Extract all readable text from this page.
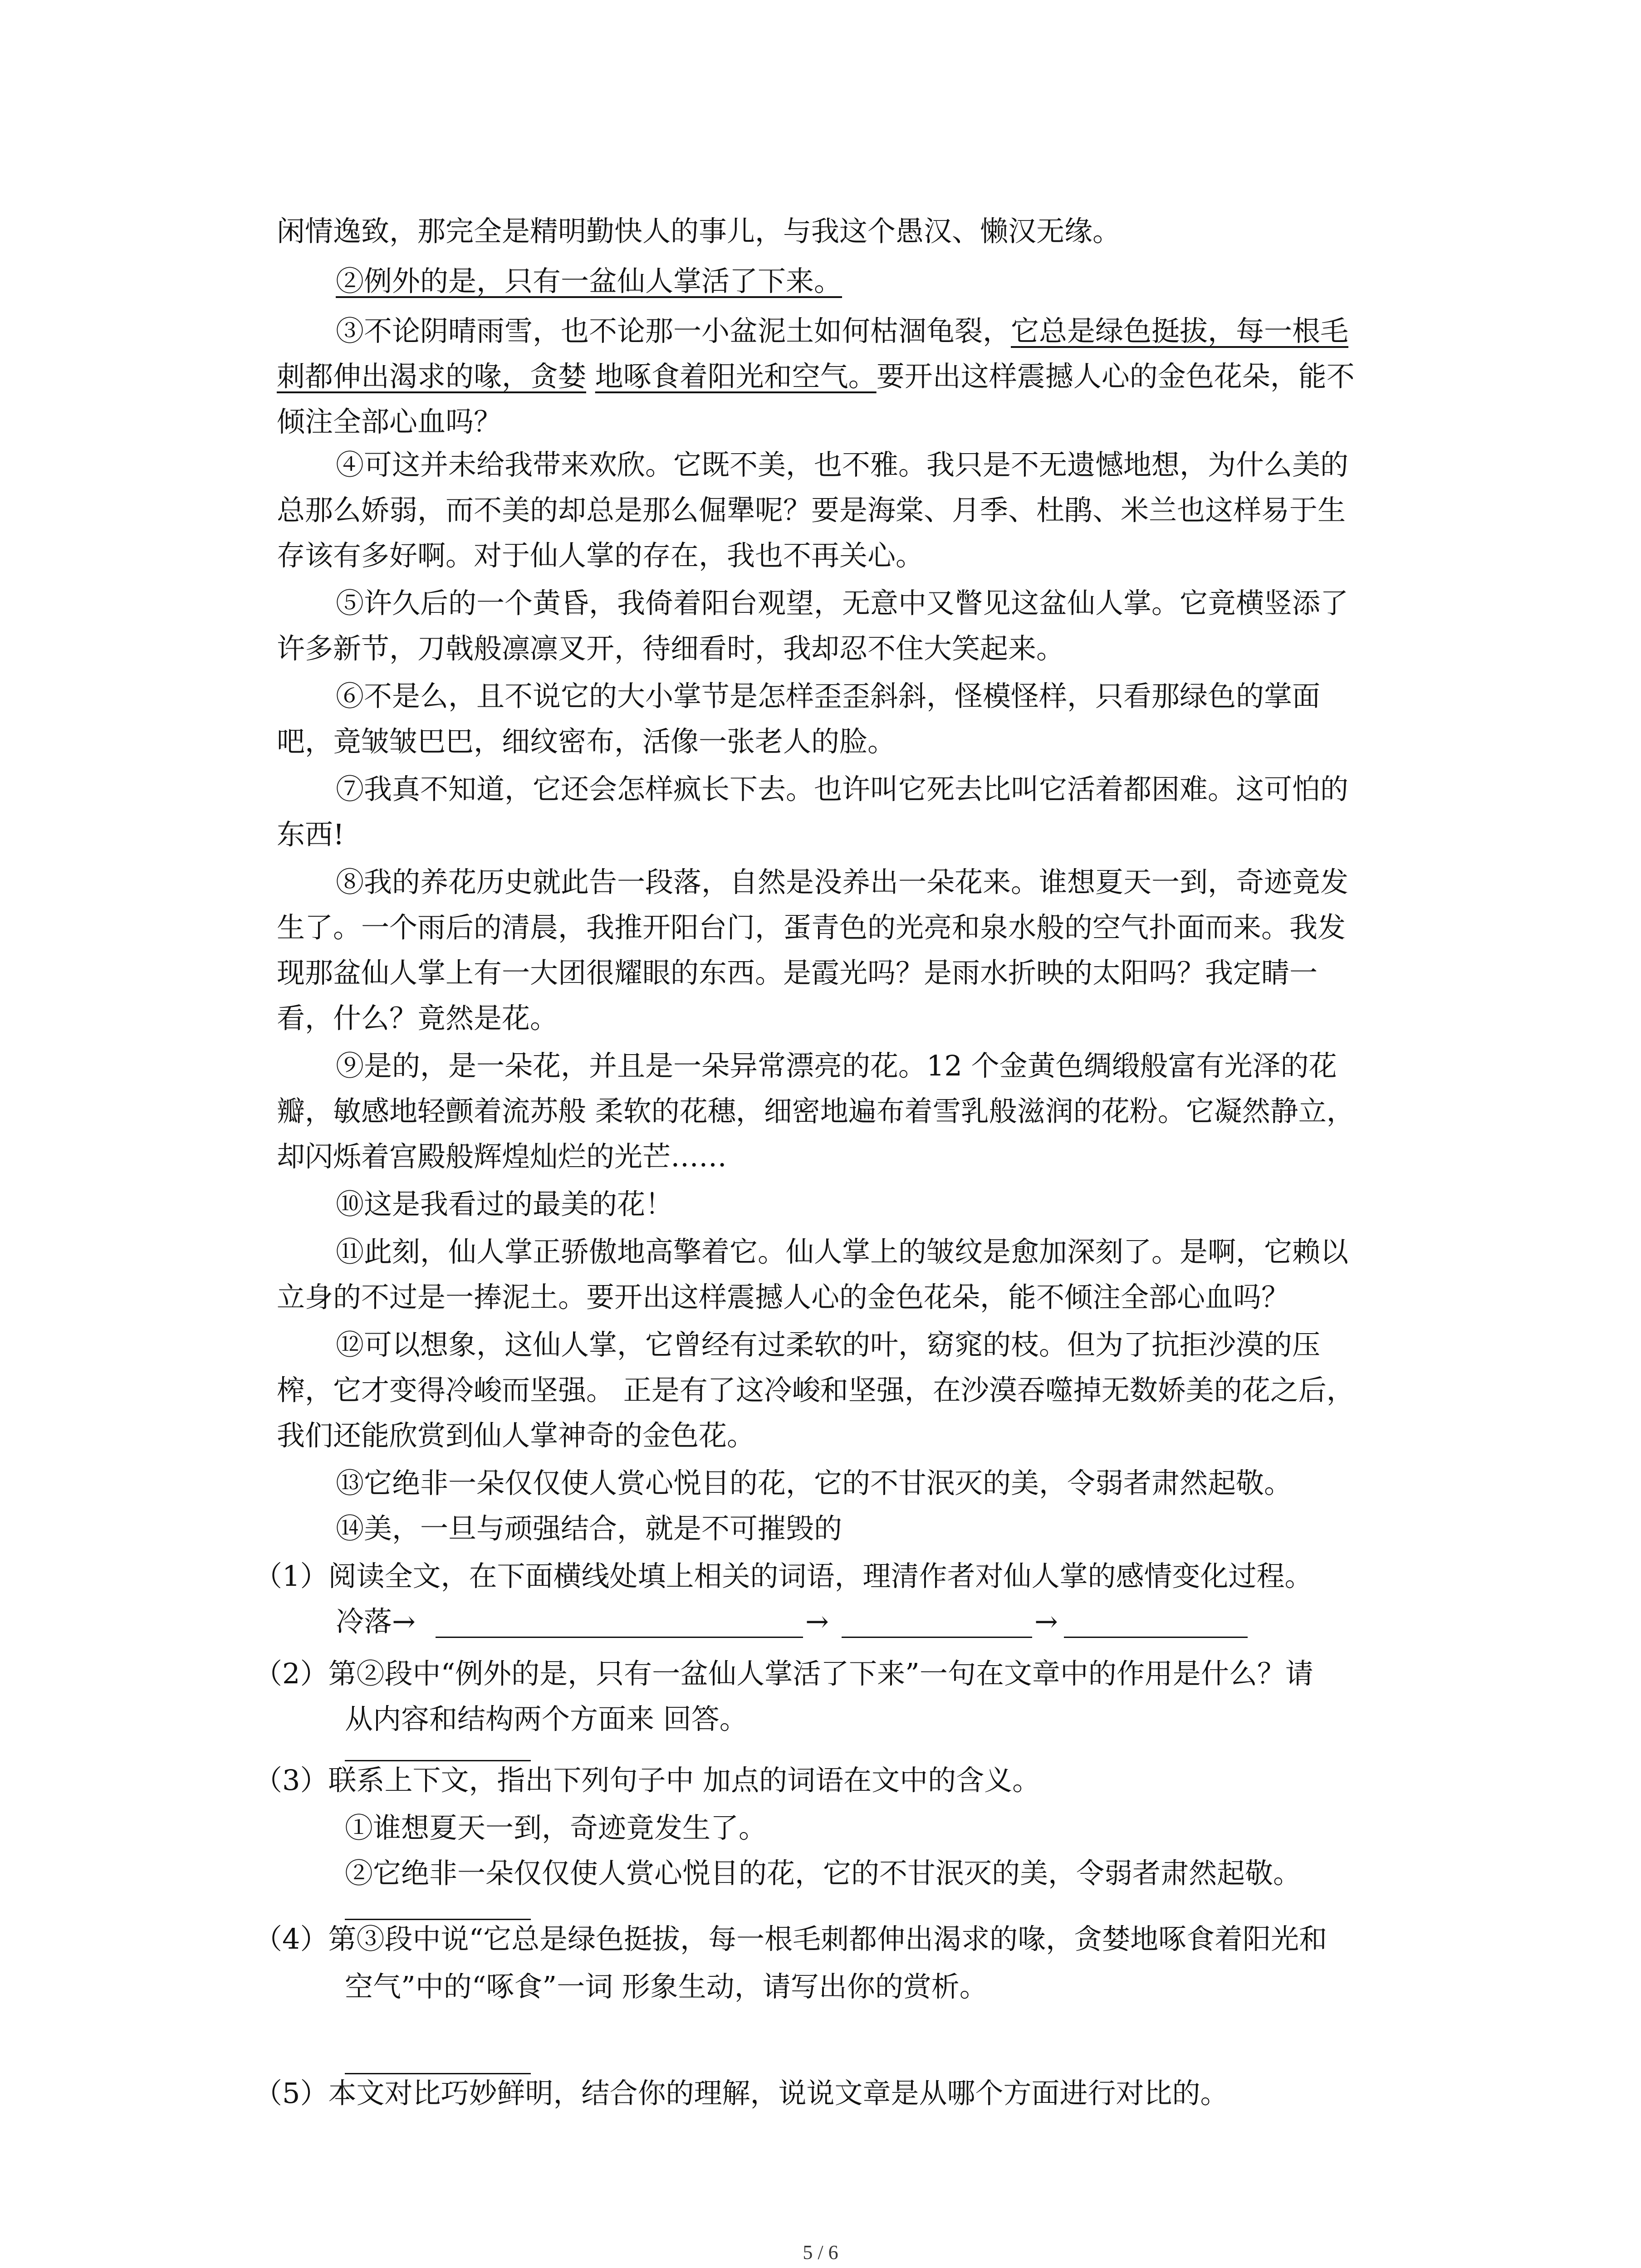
闲情逸致，那完全是精明勤快人的事儿，与我这个愚汉、懒汉无缘。
②例外的是，只有一盆仙人掌活了下来。
③不论阴晴雨雪，也不论那一小盆泥土如何枯涸龟裂，它总是绿色挺拔，每一根毛
刺都伸出渴求的喙，贪婪 地啄食着阳光和空气。要开出这样震撼人心的金色花朵，能不
倾注全部心血吗？
④可这并未给我带来欢欣。它既不美，也不雅。我只是不无遗憾地想，为什么美的
总那么娇弱，而不美的却总是那么倔犟呢？要是海棠、月季、杜鹃、米兰也这样易于生
存该有多好啊。对于仙人掌的存在，我也不再关心。
⑤许久后的一个黄昏，我倚着阳台观望，无意中又瞥见这盆仙人掌。它竟横竖添了
许多新节，刀戟般凛凛叉开，待细看时，我却忍不住大笑起来。
⑥不是么，且不说它的大小掌节是怎样歪歪斜斜，怪模怪样，只看那绿色的掌面
吧，竟皱皱巴巴，细纹密布，活像一张老人的脸。
⑦我真不知道，它还会怎样疯长下去。也许叫它死去比叫它活着都困难。这可怕的
东西!
⑧我的养花历史就此告一段落，自然是没养出一朵花来。谁想夏天一到，奇迹竟发
生了。一个雨后的清晨，我推开阳台门，蛋青色的光亮和泉水般的空气扑面而来。我发
现那盆仙人掌上有一大团很耀眼的东西。是霞光吗？是雨水折映的太阳吗？我定睛一
看，什么？竟然是花。
⑨是的，是一朵花，并且是一朵异常漂亮的花。12 个金黄色绸缎般富有光泽的花
瓣，敏感地轻颤着流苏般 柔软的花穗，细密地遍布着雪乳般滋润的花粉。它凝然静立，
却闪烁着宫殿般辉煌灿烂的光芒……
⑩这是我看过的最美的花！
⑪此刻，仙人掌正骄傲地高擎着它。仙人掌上的皱纹是愈加深刻了。是啊，它赖以
立身的不过是一捧泥土。要开出这样震撼人心的金色花朵，能不倾注全部心血吗？
⑫可以想象，这仙人掌，它曾经有过柔软的叶，窈窕的枝。但为了抗拒沙漠的压
榨，它才变得冷峻而坚强。 正是有了这冷峻和坚强，在沙漠吞噬掉无数娇美的花之后，
我们还能欣赏到仙人掌神奇的金色花。
⑬它绝非一朵仅仅使人赏心悦目的花，它的不甘泯灭的美，令弱者肃然起敬。
⑭美，一旦与顽强结合，就是不可摧毁的
（1）阅读全文，在下面横线处填上相关的词语，理清作者对仙人掌的感情变化过程。
冷落→	→	→
（2）第②段中“例外的是，只有一盆仙人掌活了下来”一句在文章中的作用是什么？请
从内容和结构两个方面来 回答。
（3）联系上下文，指出下列句子中 加点的词语在文中的含义。
①谁想夏天一到，奇迹竟发生了。
②它绝非一朵仅仅使人赏心悦目的花，它的不甘泯灭的美，令弱者肃然起敬。
（4）第③段中说“它总是绿色挺拔，每一根毛刺都伸出渴求的喙，贪婪地啄食着阳光和
空气”中的“啄食”一词 形象生动，请写出你的赏析。
（5）本文对比巧妙鲜明，结合你的理解，说说文章是从哪个方面进行对比的。
5 / 6
